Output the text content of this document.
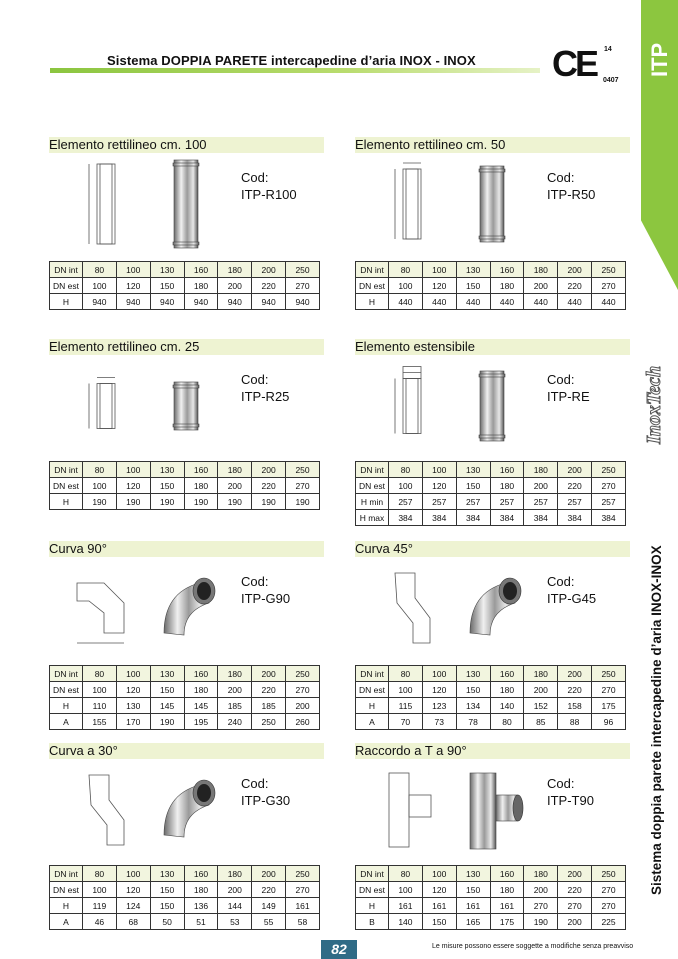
Sistema DOPPIA PARETE intercapedine d’aria INOX - INOX CE 14
0407
ITP
InoxTech
Sistema doppia parete intercapedine d’aria INOX-INOX
Elemento rettilineo cm. 100
Cod:
ITP-R100
DN int	80	100	130	160	180	200	250
DN est	100	120	150	180	200	220	270
H	940	940	940	940	940	940	940
Elemento rettilineo cm. 50
Cod:
ITP-R50
DN int	80	100	130	160	180	200	250
DN est	100	120	150	180	200	220	270
H	440	440	440	440	440	440	440
Elemento rettilineo cm. 25
Cod:
ITP-R25
DN int	80	100	130	160	180	200	250
DN est	100	120	150	180	200	220	270
H	190	190	190	190	190	190	190
Elemento estensibile
Cod:
ITP-RE
DN int	80	100	130	160	180	200	250
DN est	100	120	150	180	200	220	270
H min	257	257	257	257	257	257	257
H max	384	384	384	384	384	384	384
Curva 90°
Cod:
ITP-G90
DN int	80	100	130	160	180	200	250
DN est	100	120	150	180	200	220	270
H	110	130	145	145	185	185	200
A	155	170	190	195	240	250	260
Curva 45°
Cod:
ITP-G45
DN int	80	100	130	160	180	200	250
DN est	100	120	150	180	200	220	270
H	115	123	134	140	152	158	175
A	70	73	78	80	85	88	96
Curva a 30°
Cod:
ITP-G30
DN int	80	100	130	160	180	200	250
DN est	100	120	150	180	200	220	270
H	119	124	150	136	144	149	161
A	46	68	50	51	53	55	58
Raccordo a T a 90°
Cod:
ITP-T90
DN int	80	100	130	160	180	200	250
DN est	100	120	150	180	200	220	270
H	161	161	161	161	270	270	270
B	140	150	165	175	190	200	225
82	Le misure possono essere soggette a modifiche senza preavviso
